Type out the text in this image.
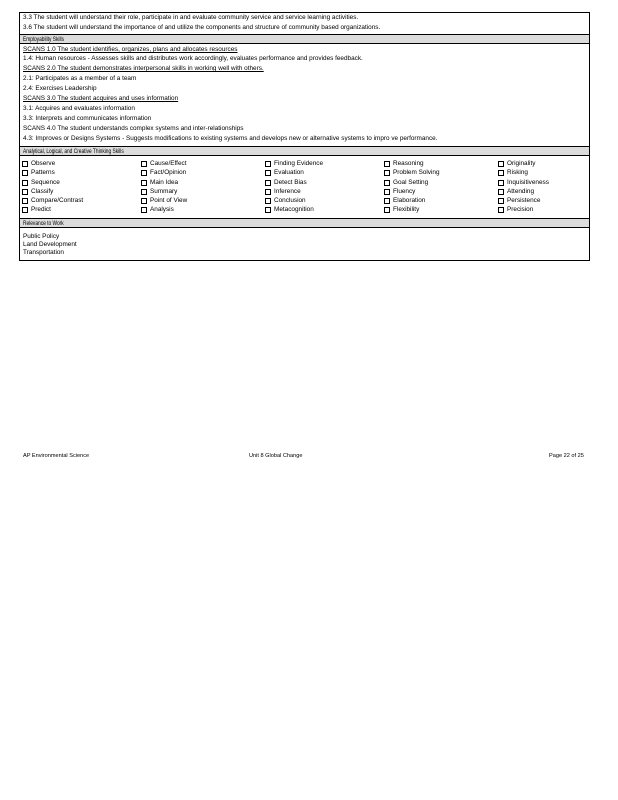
3.3 The student will understand their role, participate in and evaluate community service and service learning activities.
3.6 The student will understand the importance of and utilize the components and structure of community based organizations.
Employability Skills
SCANS 1.0 The student identifies, organizes, plans and allocates resources
1.4: Human resources - Assesses skills and distributes work accordingly, evaluates performance and provides feedback.
SCANS 2.0 The student demonstrates interpersonal skills in working well with others.
2.1: Participates as a member of a team
2.4: Exercises Leadership
SCANS 3.0 The student acquires and uses information
3.1: Acquires and evaluates information
3.3: Interprets and communicates information
SCANS 4.0 The student understands complex systems and inter-relationships
4.3: Improves or Designs Systems - Suggests modifications to existing systems and develops new or alternative systems to impro ve performance.
Analytical, Logical, and Creative Thinking Skills
Observe
Patterns
Sequence
Classify
Compare/Contrast
Predict
Cause/Effect
Fact/Opinion
Main Idea
Summary
Point of View
Analysis
Finding Evidence
Evaluation
Detect Bias
Inference
Conclusion
Metacognition
Reasoning
Problem Solving
Goal Setting
Fluency
Elaboration
Flexibility
Originality
Risking
Inquisitiveness
Attending
Persistence
Precision
Relevance to Work
Public Policy
Land Development
Transportation
AP Environmental Science	Unit 8 Global Change	Page 22 of 25
